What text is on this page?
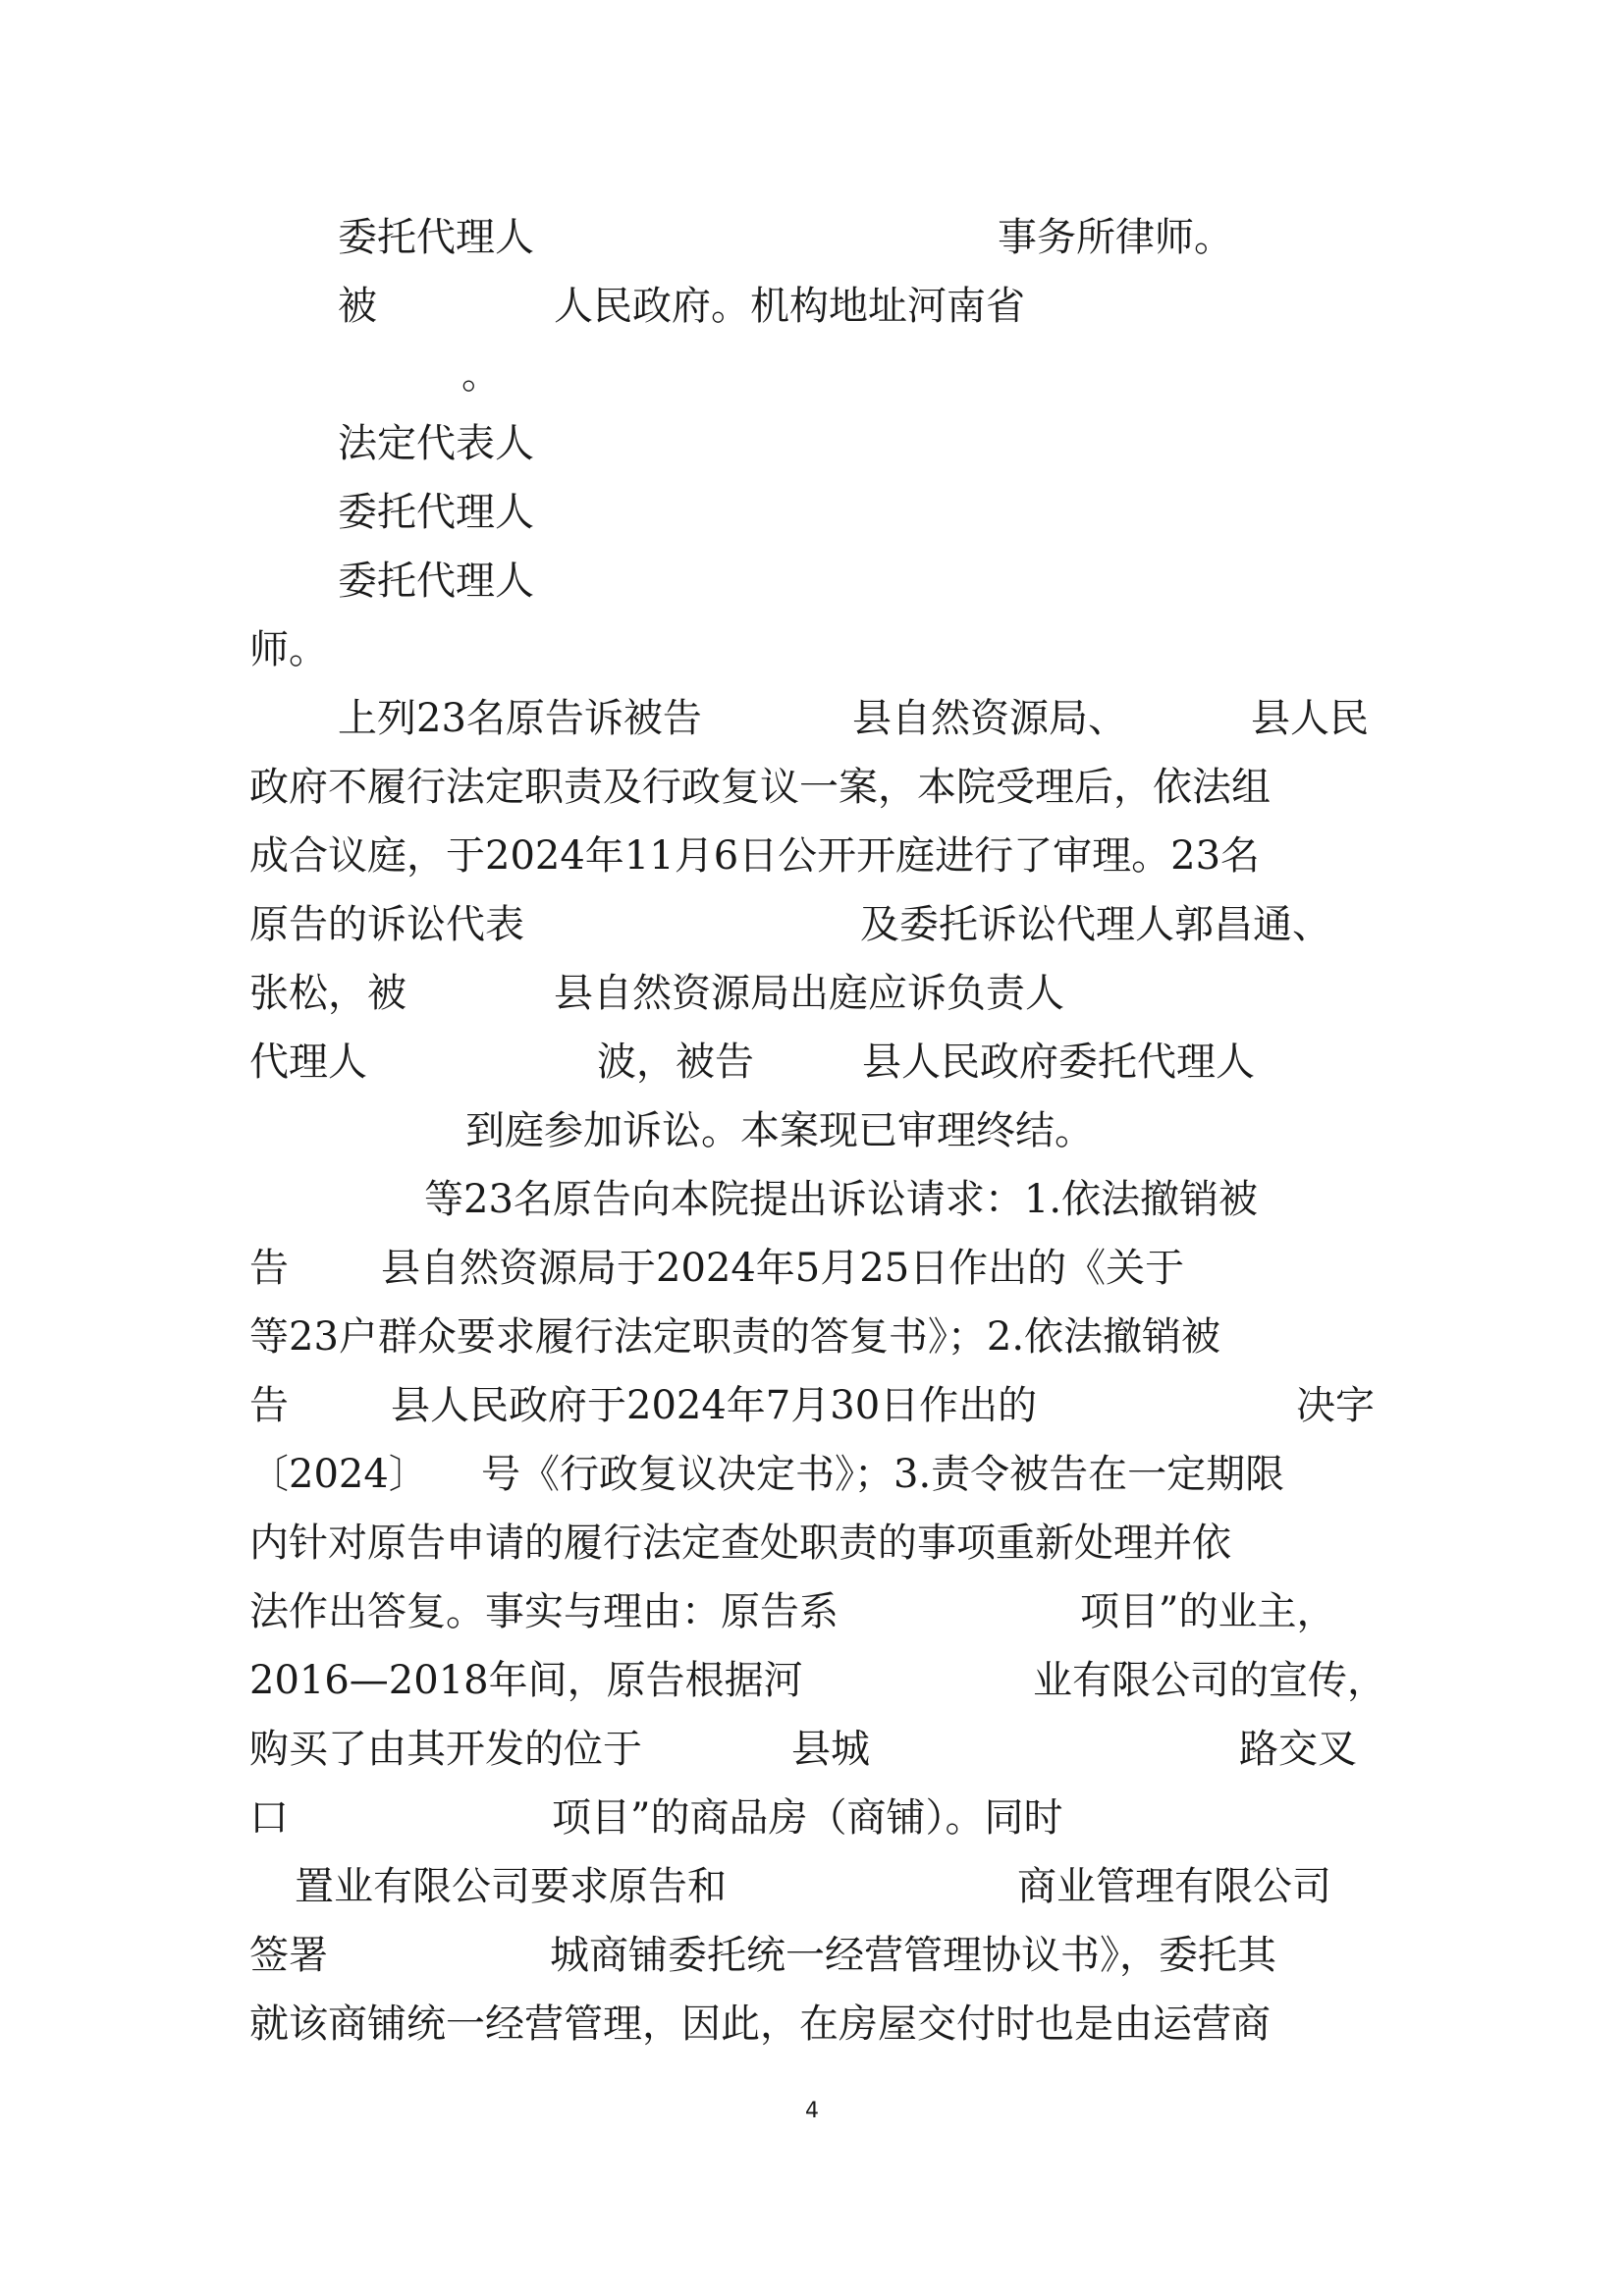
委托代理人	事务所律师。
被	人民政府。机构地址河南省
。
法定代表人
委托代理人
委托代理人
师。
上列23名原告诉被告	县自然资源局、	县人民
政府不履行法定职责及行政复议一案，本院受理后，依法组
成合议庭，于2024年11月6日公开开庭进行了审理。23名
原告的诉讼代表	及委托诉讼代理人郭昌通、
张松，被	县自然资源局出庭应诉负责人
代理人	波，被告	县人民政府委托代理人
到庭参加诉讼。本案现已审理终结。
等23名原告向本院提出诉讼请求：1.依法撤销被
告 县自然资源局于2024年5月25日作出的《关于
等23户群众要求履行法定职责的答复书》；2.依法撤销被
告	县人民政府于2024年7月30日作出的	决字
〔2024〕 号《行政复议决定书》；3.责令被告在一定期限
内针对原告申请的履行法定查处职责的事项重新处理并依
法作出答复。事实与理由：原告系	项目”的业主，
2016—2018年间，原告根据河	业有限公司的宣传，
购买了由其开发的位于	县城	路交叉
口	项目”的商品房（商铺）。同时
置业有限公司要求原告和	商业管理有限公司
签署	城商铺委托统一经营管理协议书》，委托其
就该商铺统一经营管理，因此，在房屋交付时也是由运营商
4
